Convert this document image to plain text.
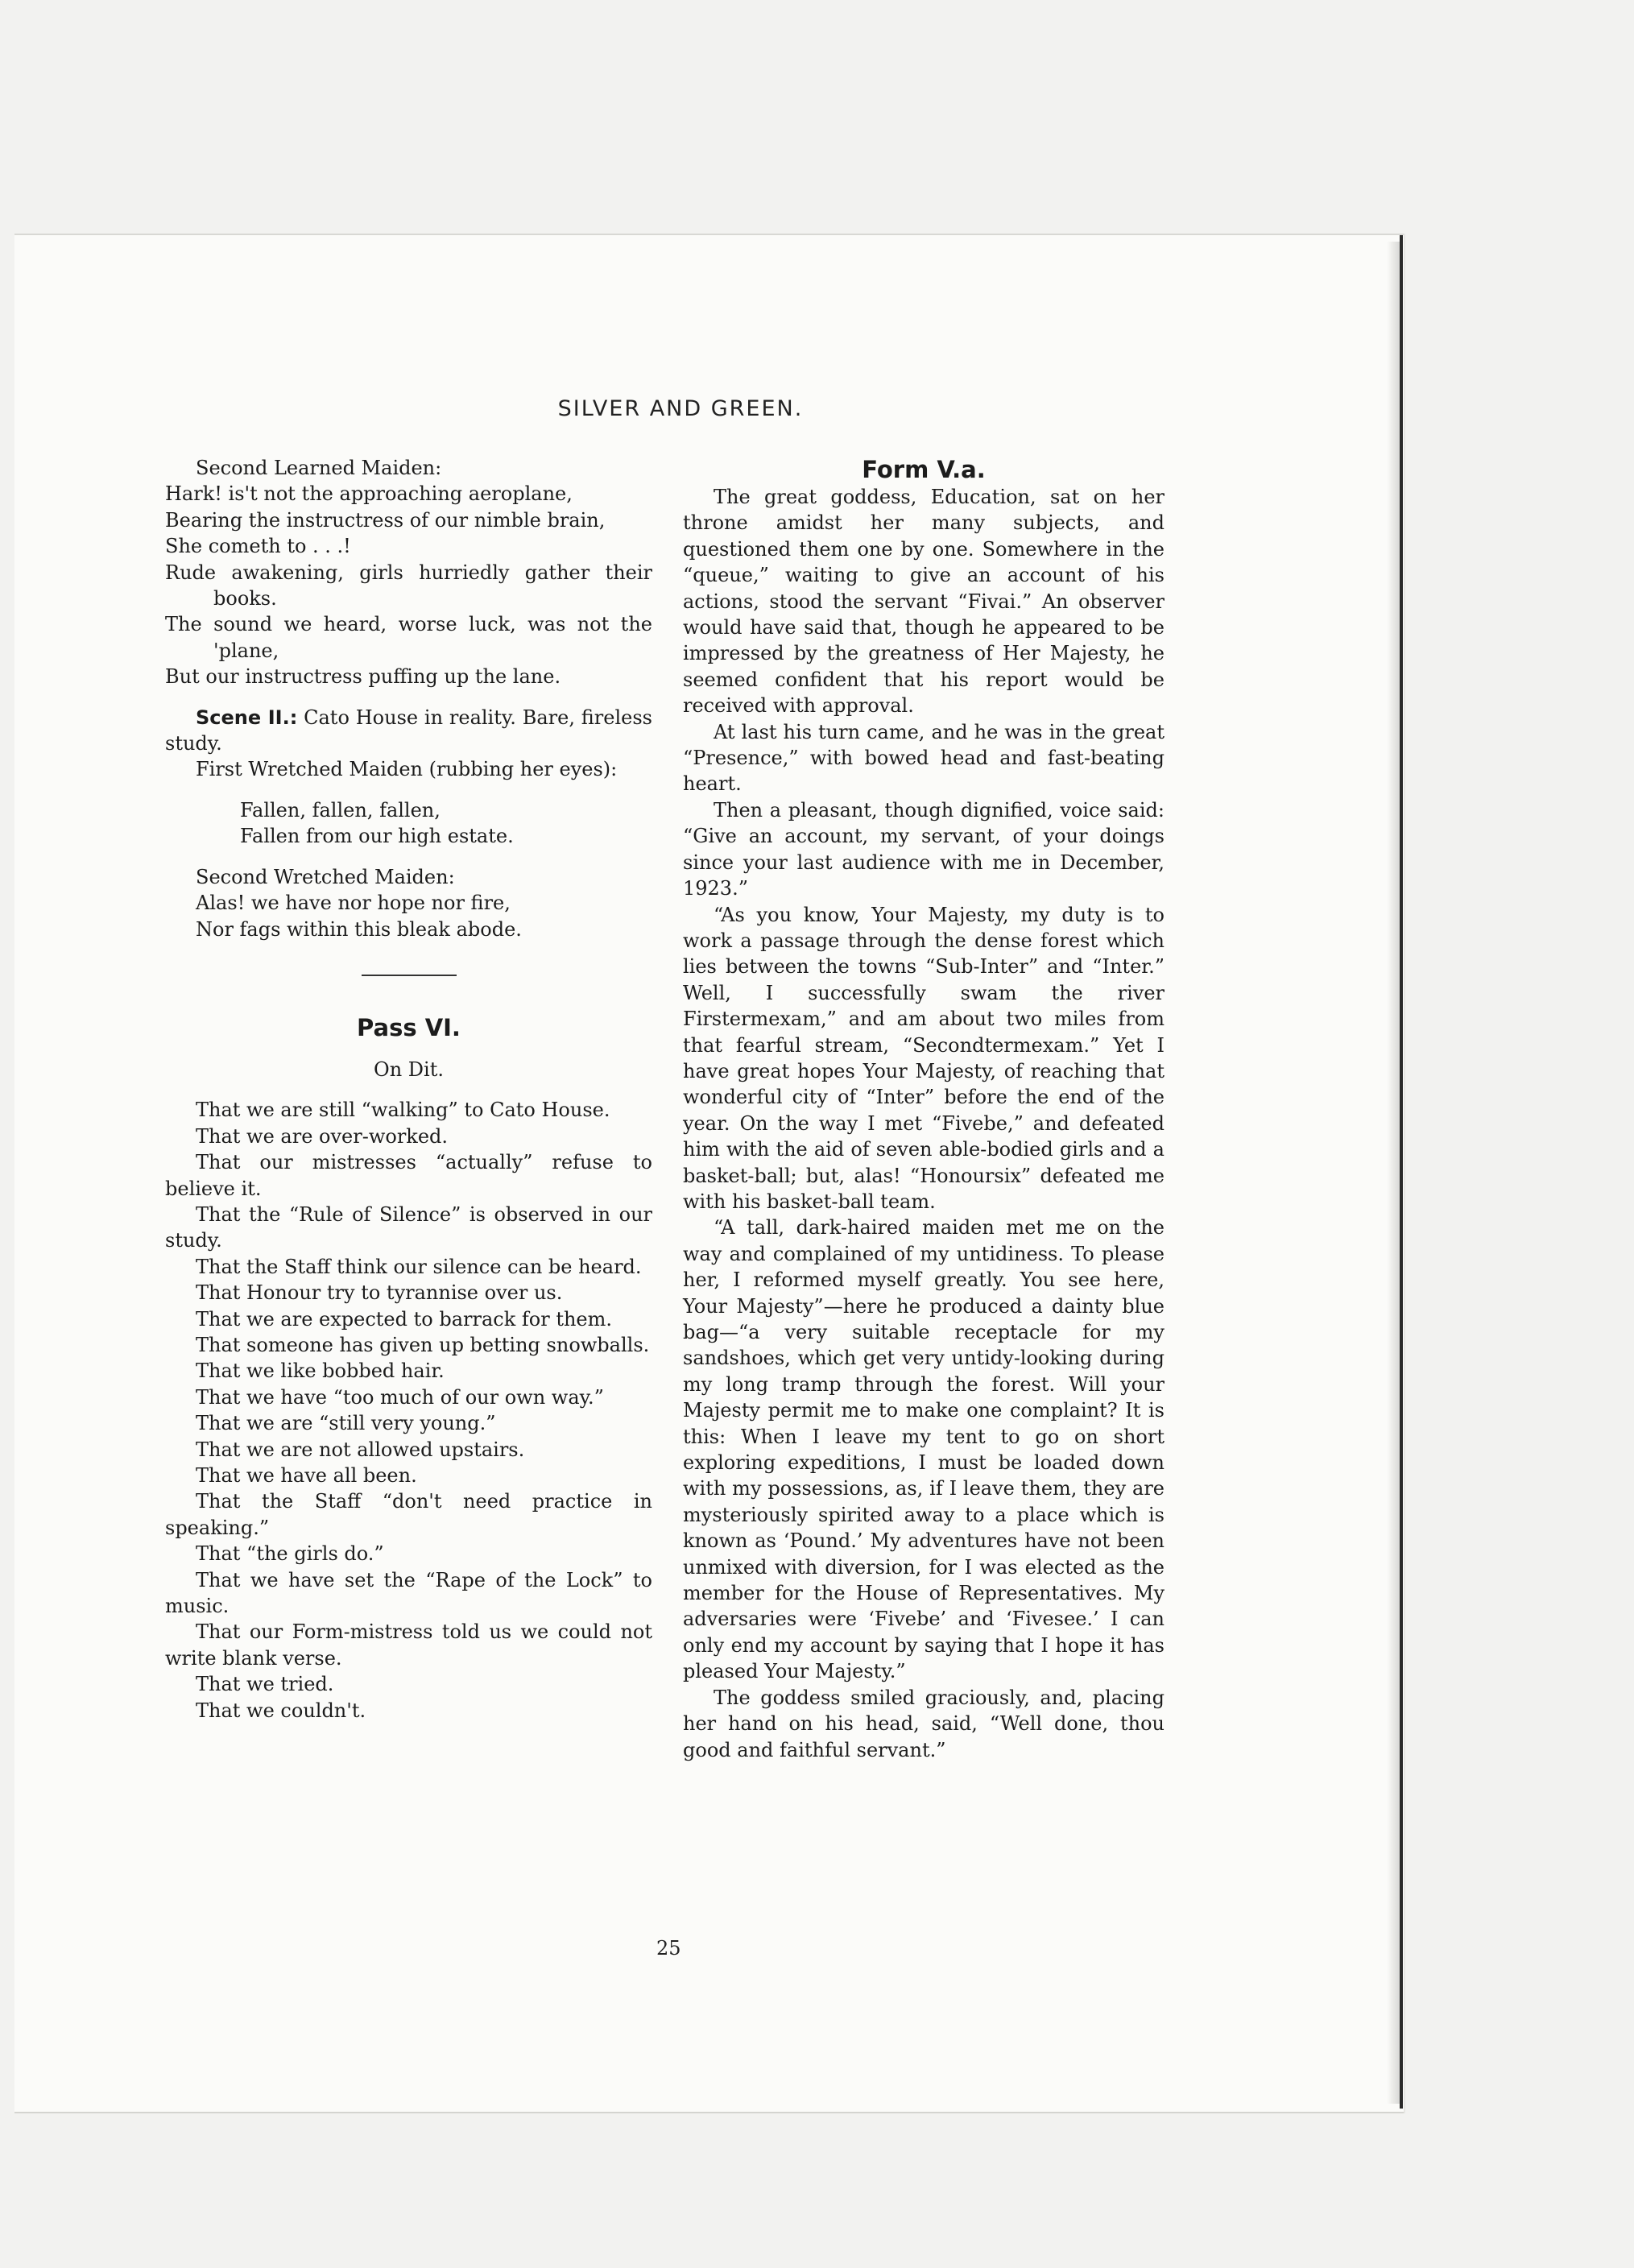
SILVER AND GREEN.

Second Learned Maiden:

Hark! is't not the approaching aeroplane,

Bearing the instructress of our nimble brain,

She cometh to . . .!

Rude awakening, girls hurriedly gather their books.

The sound we heard, worse luck, was not the 'plane,

But our instructress puffing up the lane.

Scene II.: Cato House in reality. Bare, fireless study.

First Wretched Maiden (rubbing her eyes):

Fallen, fallen, fallen,

Fallen from our high estate.

Second Wretched Maiden:

Alas! we have nor hope nor fire,

Nor fags within this bleak abode.

Pass VI.

On Dit.

That we are still “walking” to Cato House.

That we are over-worked.

That our mistresses “actually” refuse to believe it.

That the “Rule of Silence” is observed in our study.

That the Staff think our silence can be heard.

That Honour try to tyrannise over us.

That we are expected to barrack for them.

That someone has given up betting snowballs.

That we like bobbed hair.

That we have “too much of our own way.”

That we are “still very young.”

That we are not allowed upstairs.

That we have all been.

That the Staff “don't need practice in speaking.”

That “the girls do.”

That we have set the “Rape of the Lock” to music.

That our Form-mistress told us we could not write blank verse.

That we tried.

That we couldn't.

Form V.a.

The great goddess, Education, sat on her throne amidst her many subjects, and questioned them one by one. Somewhere in the “queue,” waiting to give an account of his actions, stood the servant “Fivai.” An observer would have said that, though he appeared to be impressed by the greatness of Her Majesty, he seemed confident that his report would be received with approval.

At last his turn came, and he was in the great “Presence,” with bowed head and fast-beating heart.

Then a pleasant, though dignified, voice said: “Give an account, my servant, of your doings since your last audience with me in December, 1923.”

“As you know, Your Majesty, my duty is to work a passage through the dense forest which lies between the towns “Sub-Inter” and “Inter.” Well, I successfully swam the river Firstermexam,” and am about two miles from that fearful stream, “Secondtermexam.” Yet I have great hopes Your Majesty, of reaching that wonderful city of “Inter” before the end of the year. On the way I met “Fivebe,” and defeated him with the aid of seven able-bodied girls and a basket-ball; but, alas! “Honoursix” defeated me with his basket-ball team.

“A tall, dark-haired maiden met me on the way and complained of my untidiness. To please her, I reformed myself greatly. You see here, Your Majesty”—here he produced a dainty blue bag—“a very suitable receptacle for my sandshoes, which get very untidy-looking during my long tramp through the forest. Will your Majesty permit me to make one complaint? It is this: When I leave my tent to go on short exploring expeditions, I must be loaded down with my possessions, as, if I leave them, they are mysteriously spirited away to a place which is known as ‘Pound.’ My adventures have not been unmixed with diversion, for I was elected as the member for the House of Representatives. My adversaries were ‘Fivebe’ and ‘Fivesee.’ I can only end my account by saying that I hope it has pleased Your Majesty.”

The goddess smiled graciously, and, placing her hand on his head, said, “Well done, thou good and faithful servant.”

25
